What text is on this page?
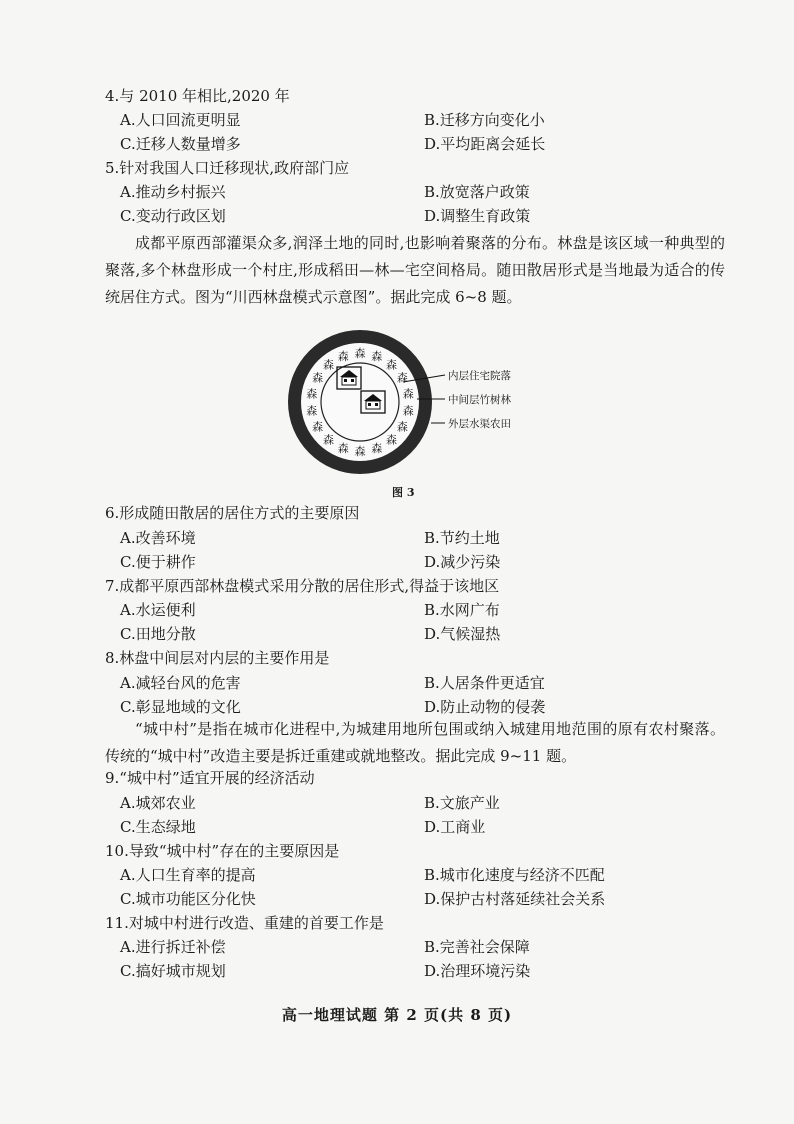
4.与 2010 年相比,2020 年
A.人口回流更明显	B.迁移方向变化小
C.迁移人数量增多	D.平均距离会延长
5.针对我国人口迁移现状,政府部门应
A.推动乡村振兴	B.放宽落户政策
C.变动行政区划	D.调整生育政策
成都平原西部灌渠众多,润泽土地的同时,也影响着聚落的分布。林盘是该区域一种典型的聚落,多个林盘形成一个村庄,形成稻田—林—宅空间格局。随田散居形式是当地最为适合的传统居住方式。图为“川西林盘模式示意图”。据此完成 6~8 题。
森 森
森
森
森
森
森
森
森
森
森
森
森
森
森
森
森
森
内层住宅院落
中间层竹树林
外层水渠农田
图 3
6.形成随田散居的居住方式的主要原因
A.改善环境	B.节约土地
C.便于耕作	D.减少污染
7.成都平原西部林盘模式采用分散的居住形式,得益于该地区
A.水运便利	B.水网广布
C.田地分散	D.气候湿热
8.林盘中间层对内层的主要作用是
A.减轻台风的危害	B.人居条件更适宜
C.彰显地域的文化	D.防止动物的侵袭
“城中村”是指在城市化进程中,为城建用地所包围或纳入城建用地范围的原有农村聚落。传统的“城中村”改造主要是拆迁重建或就地整改。据此完成 9~11 题。
9.“城中村”适宜开展的经济活动
A.城郊农业	B.文旅产业
C.生态绿地	D.工商业
10.导致“城中村”存在的主要原因是
A.人口生育率的提高	B.城市化速度与经济不匹配
C.城市功能区分化快	D.保护古村落延续社会关系
11.对城中村进行改造、重建的首要工作是
A.进行拆迁补偿	B.完善社会保障
C.搞好城市规划	D.治理环境污染
高一地理试题 第 2 页(共 8 页)
